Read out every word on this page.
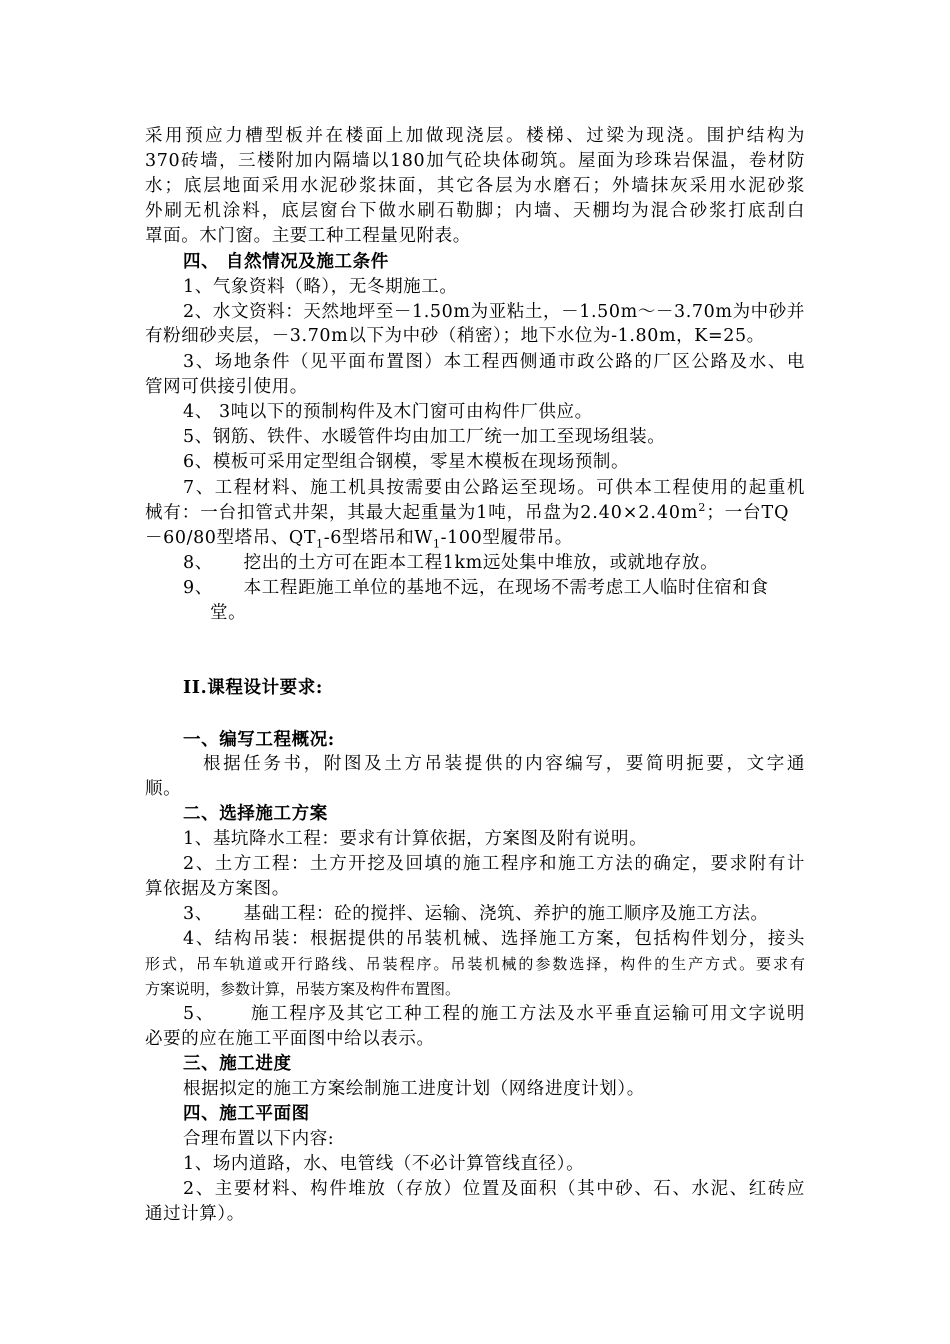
采用预应力槽型板并在楼面上加做现浇层。楼梯、过梁为现浇。围护结构为
370砖墙，三楼附加内隔墙以180加气砼块体砌筑。屋面为珍珠岩保温，卷材防
水；底层地面采用水泥砂浆抹面，其它各层为水磨石；外墙抹灰采用水泥砂浆
外刷无机涂料，底层窗台下做水刷石勒脚；内墙、天棚均为混合砂浆打底刮白
罩面。木门窗。主要工种工程量见附表。
四、 自然情况及施工条件
1、气象资料（略），无冬期施工。
2、水文资料：天然地坪至－1.50m为亚粘土，－1.50m～－3.70m为中砂并
有粉细砂夹层，－3.70m以下为中砂（稍密）；地下水位为-1.80m，K=25。
3、场地条件（见平面布置图）本工程西侧通市政公路的厂区公路及水、电
管网可供接引使用。
4、 3吨以下的预制构件及木门窗可由构件厂供应。
5、钢筋、铁件、水暖管件均由加工厂统一加工至现场组装。
6、模板可采用定型组合钢模，零星木模板在现场预制。
7、工程材料、施工机具按需要由公路运至现场。可供本工程使用的起重机
械有：一台扣管式井架，其最大起重量为1吨，吊盘为$2.40\times 2.40m^2$；一台TQ
－60/80型塔吊、$QT_1-6$型塔吊和$W_1-100$型履带吊。
8、     挖出的土方可在距本工程1km远处集中堆放，或就地存放。
9、     本工程距施工单位的基地不远，在现场不需考虑工人临时住宿和食
堂。
II.课程设计要求:
一、编写工程概况:
根据任务书，附图及土方吊装提供的内容编写，要简明扼要，文字通
顺。
二、选择施工方案
1、基坑降水工程：要求有计算依据，方案图及附有说明。
2、土方工程：土方开挖及回填的施工程序和施工方法的确定，要求附有计
算依据及方案图。
3、     基础工程：砼的搅拌、运输、浇筑、养护的施工顺序及施工方法。
4、结构吊装：根据提供的吊装机械、选择施工方案，包括构件划分，接头
形式，吊车轨道或开行路线、吊装程序。吊装机械的参数选择，构件的生产方式。要求有
方案说明，参数计算，吊装方案及构件布置图。
5、     施工程序及其它工种工程的施工方法及水平垂直运输可用文字说明
必要的应在施工平面图中给以表示。
三、施工进度
根据拟定的施工方案绘制施工进度计划（网络进度计划）。
四、施工平面图
合理布置以下内容:
1、场内道路，水、电管线（不必计算管线直径）。
2、主要材料、构件堆放（存放）位置及面积（其中砂、石、水泥、红砖应
通过计算）。
